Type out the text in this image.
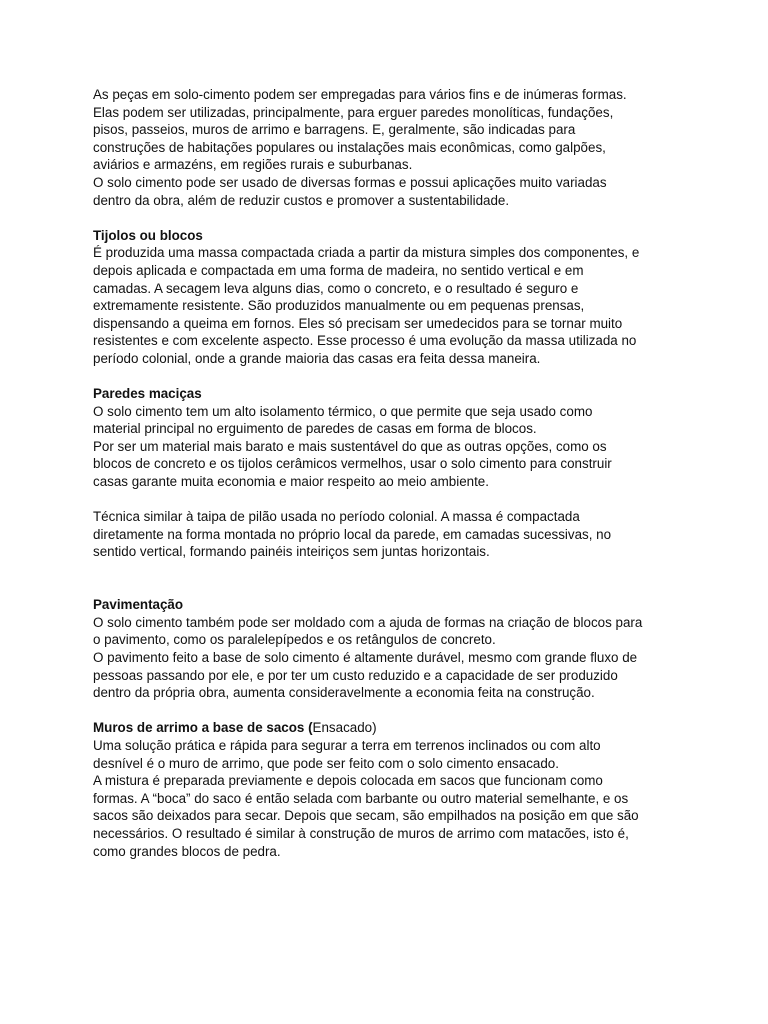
As peças em solo-cimento podem ser empregadas para vários fins e de inúmeras formas.
Elas podem ser utilizadas, principalmente, para erguer paredes monolíticas, fundações,
pisos, passeios, muros de arrimo e barragens. E, geralmente, são indicadas para
construções de habitações populares ou instalações mais econômicas, como galpões,
aviários e armazéns, em regiões rurais e suburbanas.
O solo cimento pode ser usado de diversas formas e possui aplicações muito variadas
dentro da obra, além de reduzir custos e promover a sustentabilidade.
Tijolos ou blocos
É produzida uma massa compactada criada a partir da mistura simples dos componentes, e
depois aplicada e compactada em uma forma de madeira, no sentido vertical e em
camadas. A secagem leva alguns dias, como o concreto, e o resultado é seguro e
extremamente resistente. São produzidos manualmente ou em pequenas prensas,
dispensando a queima em fornos. Eles só precisam ser umedecidos para se tornar muito
resistentes e com excelente aspecto. Esse processo é uma evolução da massa utilizada no
período colonial, onde a grande maioria das casas era feita dessa maneira.
Paredes maciças
O solo cimento tem um alto isolamento térmico, o que permite que seja usado como
material principal no erguimento de paredes de casas em forma de blocos.
Por ser um material mais barato e mais sustentável do que as outras opções, como os
blocos de concreto e os tijolos cerâmicos vermelhos, usar o solo cimento para construir
casas garante muita economia e maior respeito ao meio ambiente.
Técnica similar à taipa de pilão usada no período colonial. A massa é compactada
diretamente na forma montada no próprio local da parede, em camadas sucessivas, no
sentido vertical, formando painéis inteiriços sem juntas horizontais.
Pavimentação
O solo cimento também pode ser moldado com a ajuda de formas na criação de blocos para
o pavimento, como os paralelepípedos e os retângulos de concreto.
O pavimento feito a base de solo cimento é altamente durável, mesmo com grande fluxo de
pessoas passando por ele, e por ter um custo reduzido e a capacidade de ser produzido
dentro da própria obra, aumenta consideravelmente a economia feita na construção.
Muros de arrimo a base de sacos (Ensacado)
Uma solução prática e rápida para segurar a terra em terrenos inclinados ou com alto
desnível é o muro de arrimo, que pode ser feito com o solo cimento ensacado.
A mistura é preparada previamente e depois colocada em sacos que funcionam como
formas. A “boca” do saco é então selada com barbante ou outro material semelhante, e os
sacos são deixados para secar. Depois que secam, são empilhados na posição em que são
necessários. O resultado é similar à construção de muros de arrimo com matacões, isto é,
como grandes blocos de pedra.
